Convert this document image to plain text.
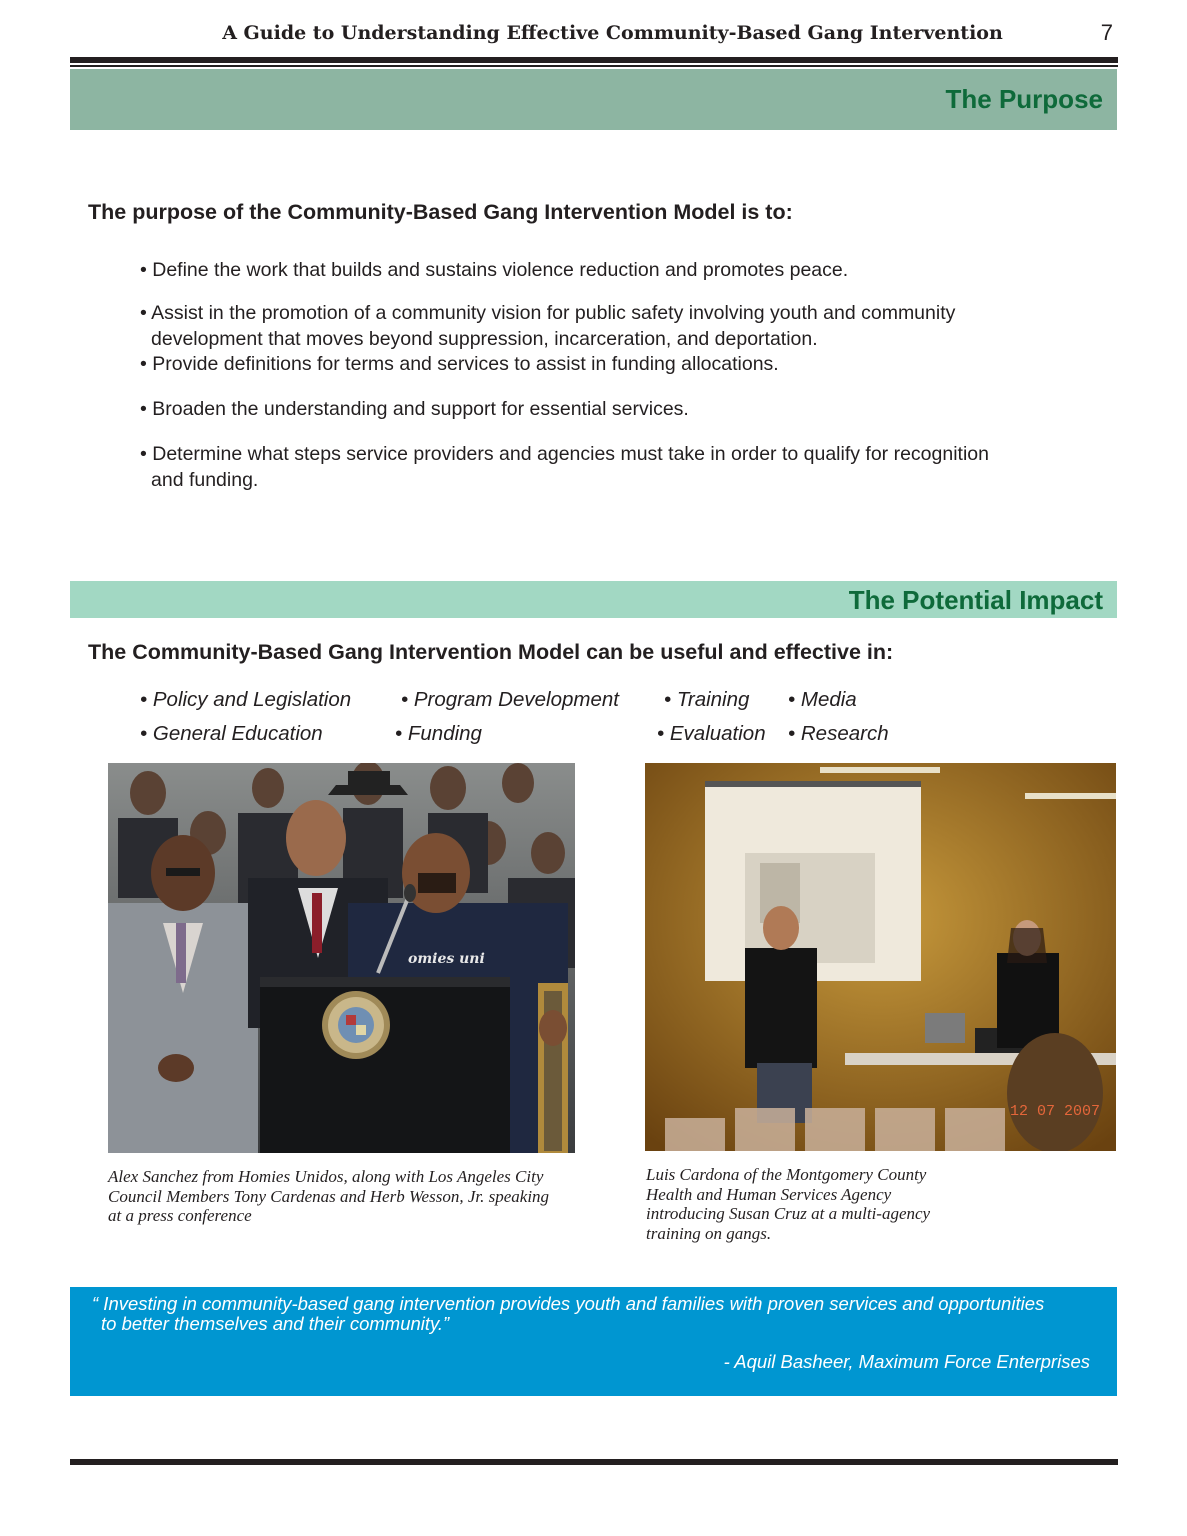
A Guide to Understanding Effective Community-Based Gang Intervention	7
The Purpose
The purpose of the Community-Based Gang Intervention Model is to:
• Define the work that builds and sustains violence reduction and promotes peace.
• Assist in the promotion of a community vision for public safety involving youth and community
development that moves beyond suppression, incarceration, and deportation.
• Provide definitions for terms and services to assist in funding allocations.
• Broaden the understanding and support for essential services.
• Determine what steps service providers and agencies must take in order to qualify for recognition
and funding.
The Potential Impact
The Community-Based Gang Intervention Model can be useful and effective in:
• Policy and Legislation • Program Development • Training • Media
• General Education	• Funding	• Evaluation • Research
omies uni
12 07 2007
Alex Sanchez from Homies Unidos, along with Los Angeles City
Council Members Tony Cardenas and Herb Wesson, Jr. speaking
at a press conference
Luis Cardona of the Montgomery County
Health and Human Services Agency
introducing Susan Cruz at a multi-agency
training on gangs.
“ Investing in community-based gang intervention provides youth and families with proven services and opportunities
to better themselves and their community.”
- Aquil Basheer, Maximum Force Enterprises
